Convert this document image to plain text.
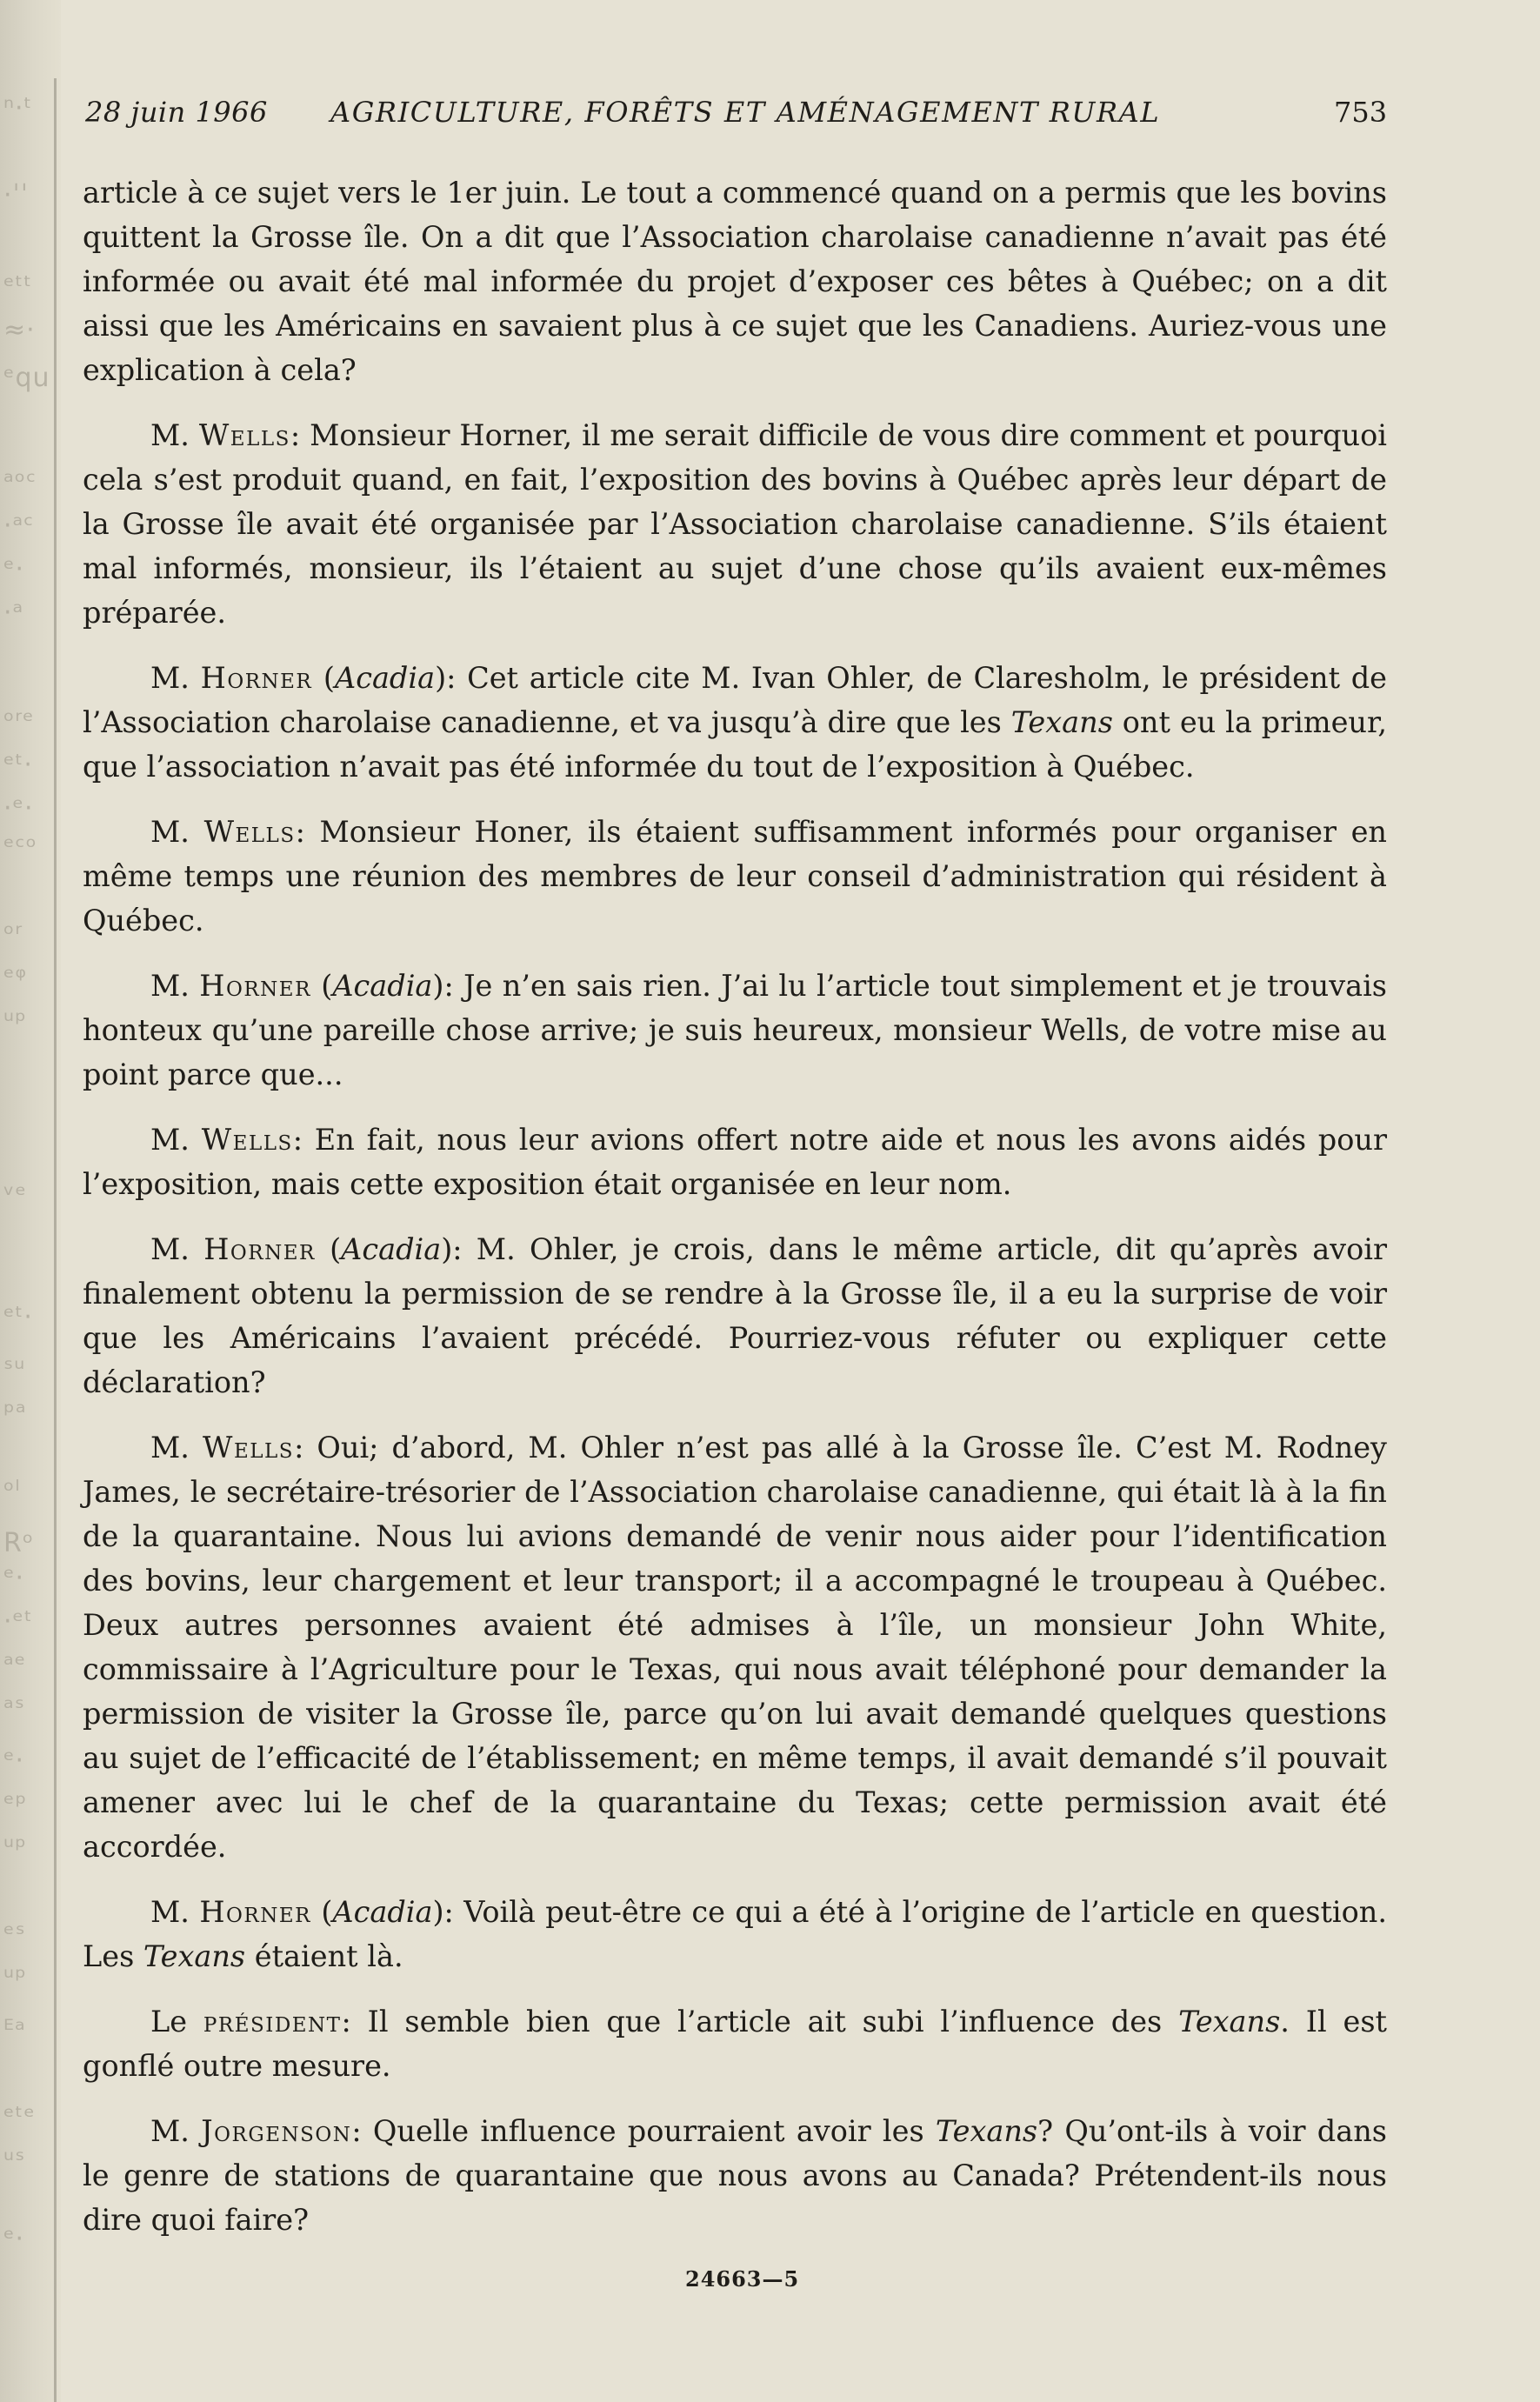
ⁿ·ᵗ
·ˈˈ
ᵉᵗᵗ
≈·
ᵉqu
ᵃᵒᶜ
·ᵃᶜ
ᵉ·
·ᵃ
ᵒʳᵉ
ᵉᵗ·
·ᵉ·
ᵉᶜᵒ
ᵒʳ
ᵉᵠ
ᵘᵖ
ᵛᵉ
ᵉᵗ·
ˢᵘ
ᵖᵃ
ᵒˡ
Rᵒ
ᵉ·
·ᵉᵗ
ᵃᵉ
ᵃˢ
ᵉ·
ᵉᵖ
ᵘᵖ
ᵉˢ
ᵘᵖ
ᴱᵃ
ᵉᵗᵉ
ᵘˢ
ᵉ·
28 juin 1966 AGRICULTURE, FORÊTS ET AMÉNAGEMENT RURAL	753

article à ce sujet vers le 1er juin. Le tout a commencé quand on a permis que les bovins quittent la Grosse île. On a dit que l’Association charolaise canadienne n’avait pas été informée ou avait été mal informée du projet d’exposer ces bêtes à Québec; on a dit aissi que les Américains en savaient plus à ce sujet que les Canadiens. Auriez-vous une explication à cela?

M. Wells: Monsieur Horner, il me serait difficile de vous dire comment et pourquoi cela s’est produit quand, en fait, l’exposition des bovins à Québec après leur départ de la Grosse île avait été organisée par l’Association charolaise canadienne. S’ils étaient mal informés, monsieur, ils l’étaient au sujet d’une chose qu’ils avaient eux-mêmes préparée.

M. Horner (Acadia): Cet article cite M. Ivan Ohler, de Claresholm, le président de l’Association charolaise canadienne, et va jusqu’à dire que les Texans ont eu la primeur, que l’association n’avait pas été informée du tout de l’exposition à Québec.

M. Wells: Monsieur Honer, ils étaient suffisamment informés pour organiser en même temps une réunion des membres de leur conseil d’administration qui résident à Québec.

M. Horner (Acadia): Je n’en sais rien. J’ai lu l’article tout simplement et je trouvais honteux qu’une pareille chose arrive; je suis heureux, monsieur Wells, de votre mise au point parce que...

M. Wells: En fait, nous leur avions offert notre aide et nous les avons aidés pour l’exposition, mais cette exposition était organisée en leur nom.

M. Horner (Acadia): M. Ohler, je crois, dans le même article, dit qu’après avoir finalement obtenu la permission de se rendre à la Grosse île, il a eu la surprise de voir que les Américains l’avaient précédé. Pourriez-vous réfuter ou expliquer cette déclaration?

M. Wells: Oui; d’abord, M. Ohler n’est pas allé à la Grosse île. C’est M. Rodney James, le secrétaire-trésorier de l’Association charolaise canadienne, qui était là à la fin de la quarantaine. Nous lui avions demandé de venir nous aider pour l’identification des bovins, leur chargement et leur transport; il a accompagné le troupeau à Québec. Deux autres personnes avaient été admises à l’île, un monsieur John White, commissaire à l’Agriculture pour le Texas, qui nous avait téléphoné pour demander la permission de visiter la Grosse île, parce qu’on lui avait demandé quelques questions au sujet de l’efficacité de l’établissement; en même temps, il avait demandé s’il pouvait amener avec lui le chef de la quarantaine du Texas; cette permission avait été accordée.

M. Horner (Acadia): Voilà peut-être ce qui a été à l’origine de l’article en question. Les Texans étaient là.

Le président: Il semble bien que l’article ait subi l’influence des Texans. Il est gonflé outre mesure.

M. Jorgenson: Quelle influence pourraient avoir les Texans? Qu’ont-ils à voir dans le genre de stations de quarantaine que nous avons au Canada? Prétendent-ils nous dire quoi faire?

24663—5
